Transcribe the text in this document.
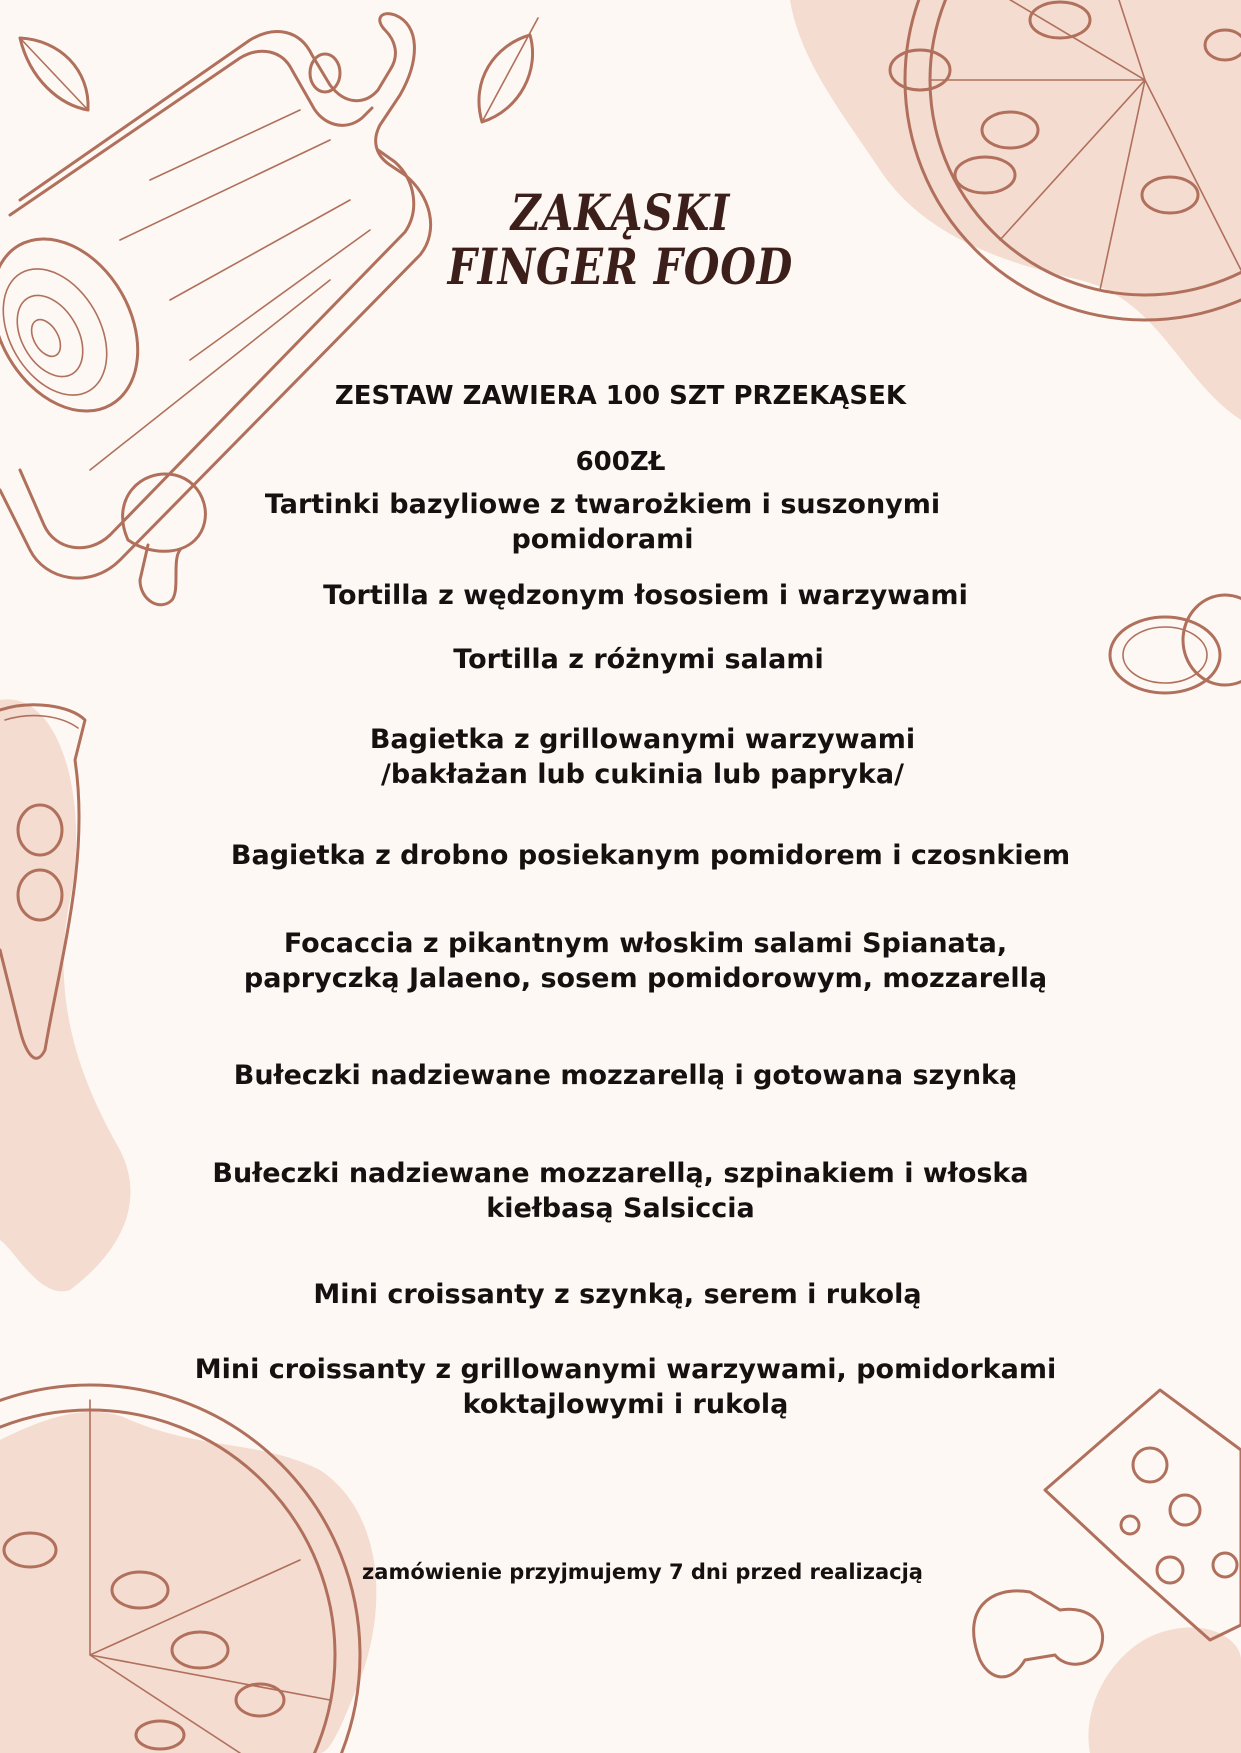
ZAKĄSKI
FINGER FOOD

ZESTAW ZAWIERA 100 SZT PRZEKĄSEK

600ZŁ

Tartinki bazyliowe z twarożkiem i suszonymi
pomidorami
Tortilla z wędzonym łososiem i warzywami
Tortilla z różnymi salami
Bagietka z grillowanymi warzywami
/bakłażan lub cukinia lub papryka/
Bagietka z drobno posiekanym pomidorem i czosnkiem
Focaccia z pikantnym włoskim salami Spianata,
papryczką Jalaeno, sosem pomidorowym, mozzarellą
Bułeczki nadziewane mozzarellą i gotowana szynką
Bułeczki nadziewane mozzarellą, szpinakiem i włoska
kiełbasą Salsiccia
Mini croissanty z szynką, serem i rukolą
Mini croissanty z grillowanymi warzywami, pomidorkami
koktajlowymi i rukolą
zamówienie przyjmujemy 7 dni przed realizacją
